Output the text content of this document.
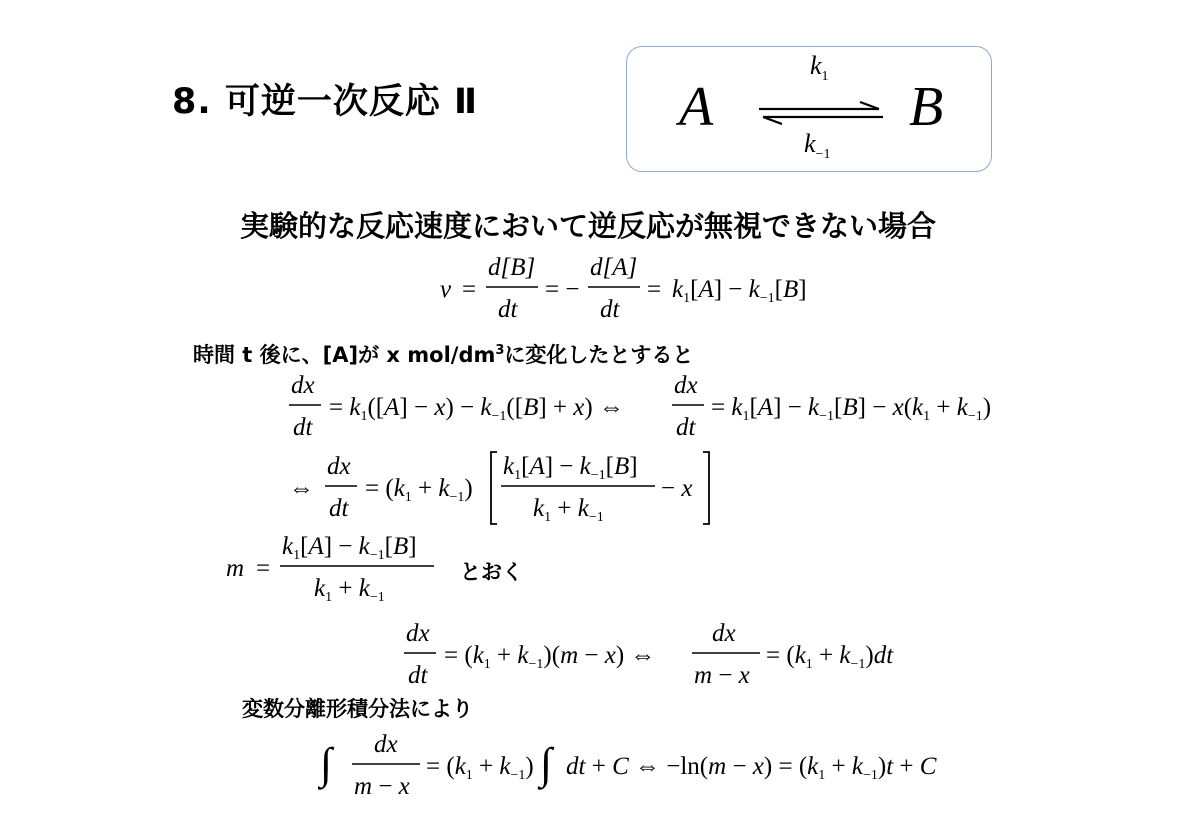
8. 可逆一次反応 Ⅱ	A	B
$k_1$
$k_{-1}$
実験的な反応速度において逆反応が無視できない場合
v =
d[B]
dt
= −
d[A]
dt
= $k_1[A] - k_{-1}[B]$
時間 t 後に、[A]が x mol/$dm^3$に変化したとすると
dx
dt
= $k_1([A] - x) - k_{-1}([B] + x)$ ⇔
dx
dt
= $k_1[A] - k_{-1}[B] - x(k_1 + k_{-1})$
⇔
dx
dt
= $(k_1 + k_{-1})$
$k_1[A] - k_{-1}[B]$
$k_1 + k_{-1}$
− x
m =
$k_1[A] - k_{-1}[B]$
$k_1 + k_{-1}$
とおく
dx
dt
= $(k_1 + k_{-1})(m - x)$ ⇔
dx
m − x
= $(k_1 + k_{-1})dt$
変数分離形積分法により
∫ dx
m − x
= $(k_1 + k_{-1})$ ∫ dt + C ⇔ $-\ln(m - x) = (k_1 + k_{-1})t + C$
